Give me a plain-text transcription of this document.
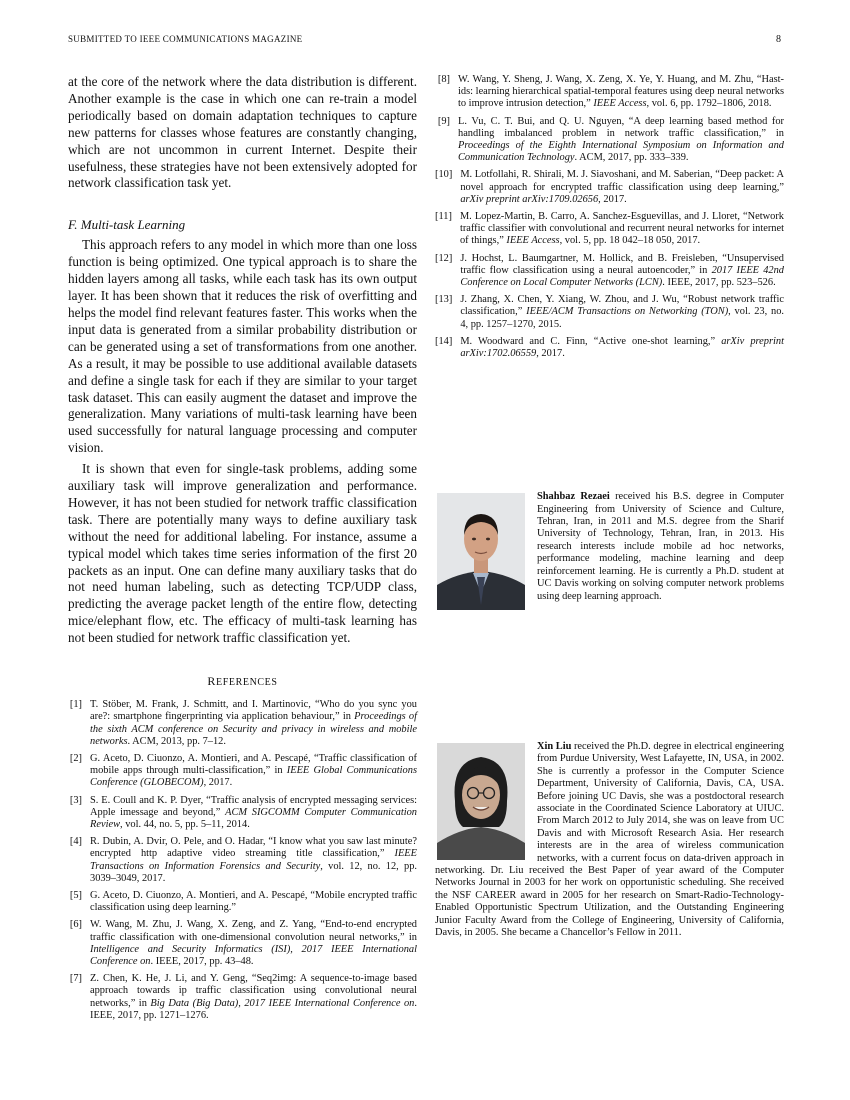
SUBMITTED TO IEEE COMMUNICATIONS MAGAZINE	8

at the core of the network where the data distribution is different. Another example is the case in which one can re-train a model periodically based on domain adaptation techniques to capture new patterns for classes whose features are constantly changing, which are not uncommon in current Internet. Despite their usefulness, these strategies have not been extensively adopted for network classification task yet.

F. Multi-task Learning

This approach refers to any model in which more than one loss function is being optimized. One typical approach is to share the hidden layers among all tasks, while each task has its own output layer. It has been shown that it reduces the risk of overfitting and helps the model find relevant features faster. This works when the input data is generated from a similar probability distribution or can be generated using a set of transformations from one another. As a result, it may be possible to use additional available datasets and define a single task for each if they are similar to your target task dataset. This can easily augment the dataset and improve the generalization. Many variations of multi-task learning have been used successfully for natural language processing and computer vision.

It is shown that even for single-task problems, adding some auxiliary task will improve generalization and performance. However, it has not been studied for network traffic classification task. There are potentially many ways to define auxiliary task without the need for additional labeling. For instance, assume a typical model which takes time series information of the first 20 packets as an input. One can define many auxiliary tasks that do not need human labeling, such as detecting TCP/UDP class, predicting the average packet length of the entire flow, detecting mice/elephant flow, etc. The efficacy of multi-task learning has not been studied for network traffic classification yet.

REFERENCES
[1] T. Stöber, M. Frank, J. Schmitt, and I. Martinovic, “Who do you sync you are?: smartphone fingerprinting via application behaviour,” in Proceedings of the sixth ACM conference on Security and privacy in wireless and mobile networks. ACM, 2013, pp. 7–12.
[2] G. Aceto, D. Ciuonzo, A. Montieri, and A. Pescapé, “Traffic classification of mobile apps through multi-classification,” in IEEE Global Communications Conference (GLOBECOM), 2017.
[3] S. E. Coull and K. P. Dyer, “Traffic analysis of encrypted messaging services: Apple imessage and beyond,” ACM SIGCOMM Computer Communication Review, vol. 44, no. 5, pp. 5–11, 2014.
[4] R. Dubin, A. Dvir, O. Pele, and O. Hadar, “I know what you saw last minute?encrypted http adaptive video streaming title classification,” IEEE Transactions on Information Forensics and Security, vol. 12, no. 12, pp. 3039–3049, 2017.
[5] G. Aceto, D. Ciuonzo, A. Montieri, and A. Pescapé, “Mobile encrypted traffic classification using deep learning.”
[6] W. Wang, M. Zhu, J. Wang, X. Zeng, and Z. Yang, “End-to-end encrypted traffic classification with one-dimensional convolution neural networks,” in Intelligence and Security Informatics (ISI), 2017 IEEE International Conference on. IEEE, 2017, pp. 43–48.
[7] Z. Chen, K. He, J. Li, and Y. Geng, “Seq2img: A sequence-to-image based approach towards ip traffic classification using convolutional neural networks,” in Big Data (Big Data), 2017 IEEE International Conference on. IEEE, 2017, pp. 1271–1276.
[8] W. Wang, Y. Sheng, J. Wang, X. Zeng, X. Ye, Y. Huang, and M. Zhu, “Hast-ids: learning hierarchical spatial-temporal features using deep neural networks to improve intrusion detection,” IEEE Access, vol. 6, pp. 1792–1806, 2018.
[9] L. Vu, C. T. Bui, and Q. U. Nguyen, “A deep learning based method for handling imbalanced problem in network traffic classification,” in Proceedings of the Eighth International Symposium on Information and Communication Technology. ACM, 2017, pp. 333–339.
[10] M. Lotfollahi, R. Shirali, M. J. Siavoshani, and M. Saberian, “Deep packet: A novel approach for encrypted traffic classification using deep learning,” arXiv preprint arXiv:1709.02656, 2017.
[11] M. Lopez-Martin, B. Carro, A. Sanchez-Esguevillas, and J. Lloret, “Network traffic classifier with convolutional and recurrent neural networks for internet of things,” IEEE Access, vol. 5, pp. 18 042–18 050, 2017.
[12] J. Hochst, L. Baumgartner, M. Hollick, and B. Freisleben, “Unsupervised traffic flow classification using a neural autoencoder,” in 2017 IEEE 42nd Conference on Local Computer Networks (LCN). IEEE, 2017, pp. 523–526.
[13] J. Zhang, X. Chen, Y. Xiang, W. Zhou, and J. Wu, “Robust network traffic classification,” IEEE/ACM Transactions on Networking (TON), vol. 23, no. 4, pp. 1257–1270, 2015.
[14] M. Woodward and C. Finn, “Active one-shot learning,” arXiv preprint arXiv:1702.06559, 2017.
Shahbaz Rezaei received his B.S. degree in Computer Engineering from University of Science and Culture, Tehran, Iran, in 2011 and M.S. degree from the Sharif University of Technology, Tehran, Iran, in 2013. His research interests include mobile ad hoc networks, performance modeling, machine learning and deep reinforcement learning. He is currently a Ph.D. student at UC Davis working on solving computer network problems using deep learning approach.
Xin Liu received the Ph.D. degree in electrical engineering from Purdue University, West Lafayette, IN, USA, in 2002. She is currently a professor in the Computer Science Department, University of California, Davis, CA, USA. Before joining UC Davis, she was a postdoctoral research associate in the Coordinated Science Laboratory at UIUC. From March 2012 to July 2014, she was on leave from UC Davis and with Microsoft Research Asia. Her research interests are in the area of wireless communication networks, with a current focus on data-driven approach in networking. Dr. Liu received the Best Paper of year award of the Computer Networks Journal in 2003 for her work on opportunistic scheduling. She received the NSF CAREER award in 2005 for her research on Smart-Radio-Technology-Enabled Opportunistic Spectrum Utilization, and the Outstanding Engineering Junior Faculty Award from the College of Engineering, University of California, Davis, in 2005. She became a Chancellor’s Fellow in 2011.
